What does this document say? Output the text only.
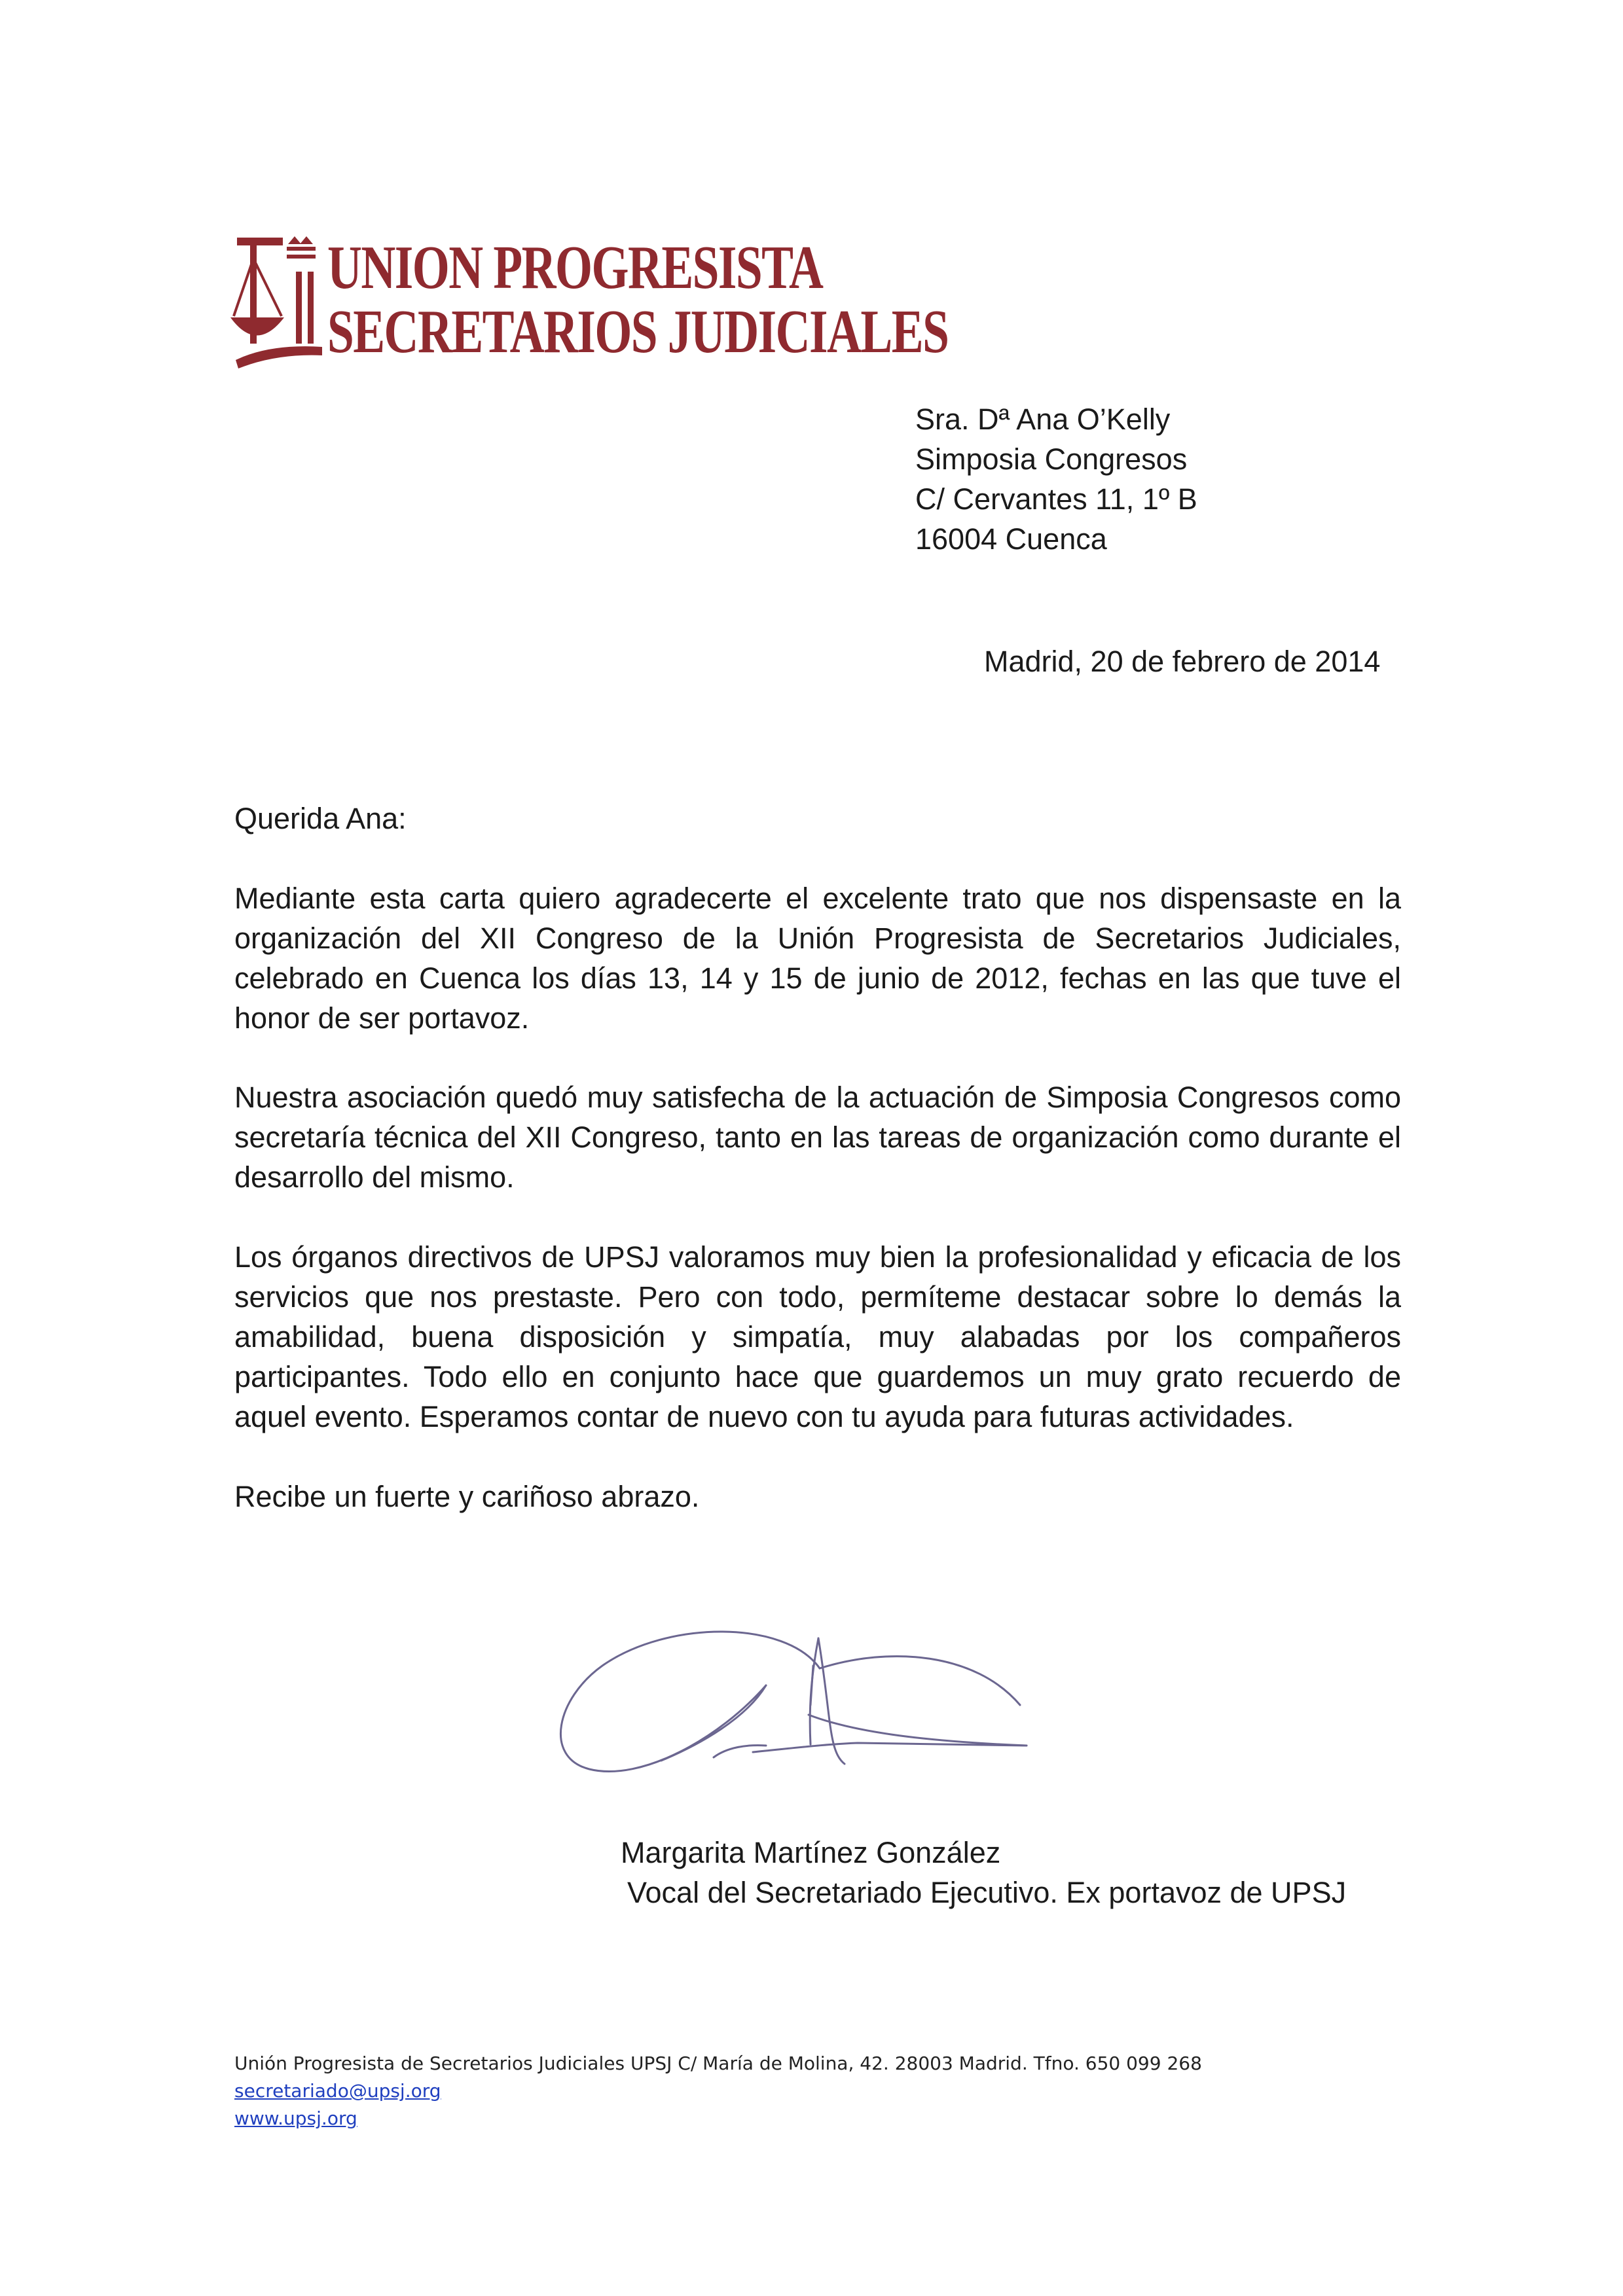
UNION PROGRESISTA
SECRETARIOS JUDICIALES
Sra. Dª Ana O’Kelly
Simposia Congresos
C/ Cervantes 11, 1º B
16004 Cuenca
Madrid, 20 de febrero de 2014
Querida Ana:
Mediante esta carta quiero agradecerte el excelente trato que nos dispensaste en la organización del XII Congreso de la Unión Progresista de Secretarios Judiciales, celebrado en Cuenca los días 13, 14 y 15 de junio de 2012, fechas en las que tuve el honor de ser portavoz.
Nuestra asociación quedó muy satisfecha de la actuación de Simposia Congresos como secretaría técnica del XII Congreso, tanto en las tareas de organización como durante el desarrollo del mismo.
Los órganos directivos de UPSJ valoramos muy bien la profesionalidad y eficacia de los servicios que nos prestaste. Pero con todo, permíteme destacar sobre lo demás la amabilidad, buena disposición y simpatía, muy alabadas por los compañeros participantes. Todo ello en conjunto hace que guardemos un muy grato recuerdo de aquel evento. Esperamos contar de nuevo con tu ayuda para futuras actividades.
Recibe un fuerte y cariñoso abrazo.
Margarita Martínez González
Vocal del Secretariado Ejecutivo. Ex portavoz de UPSJ
Unión Progresista de Secretarios Judiciales UPSJ C/ María de Molina, 42. 28003 Madrid. Tfno. 650 099 268  secretariado@upsj.org
www.upsj.org
